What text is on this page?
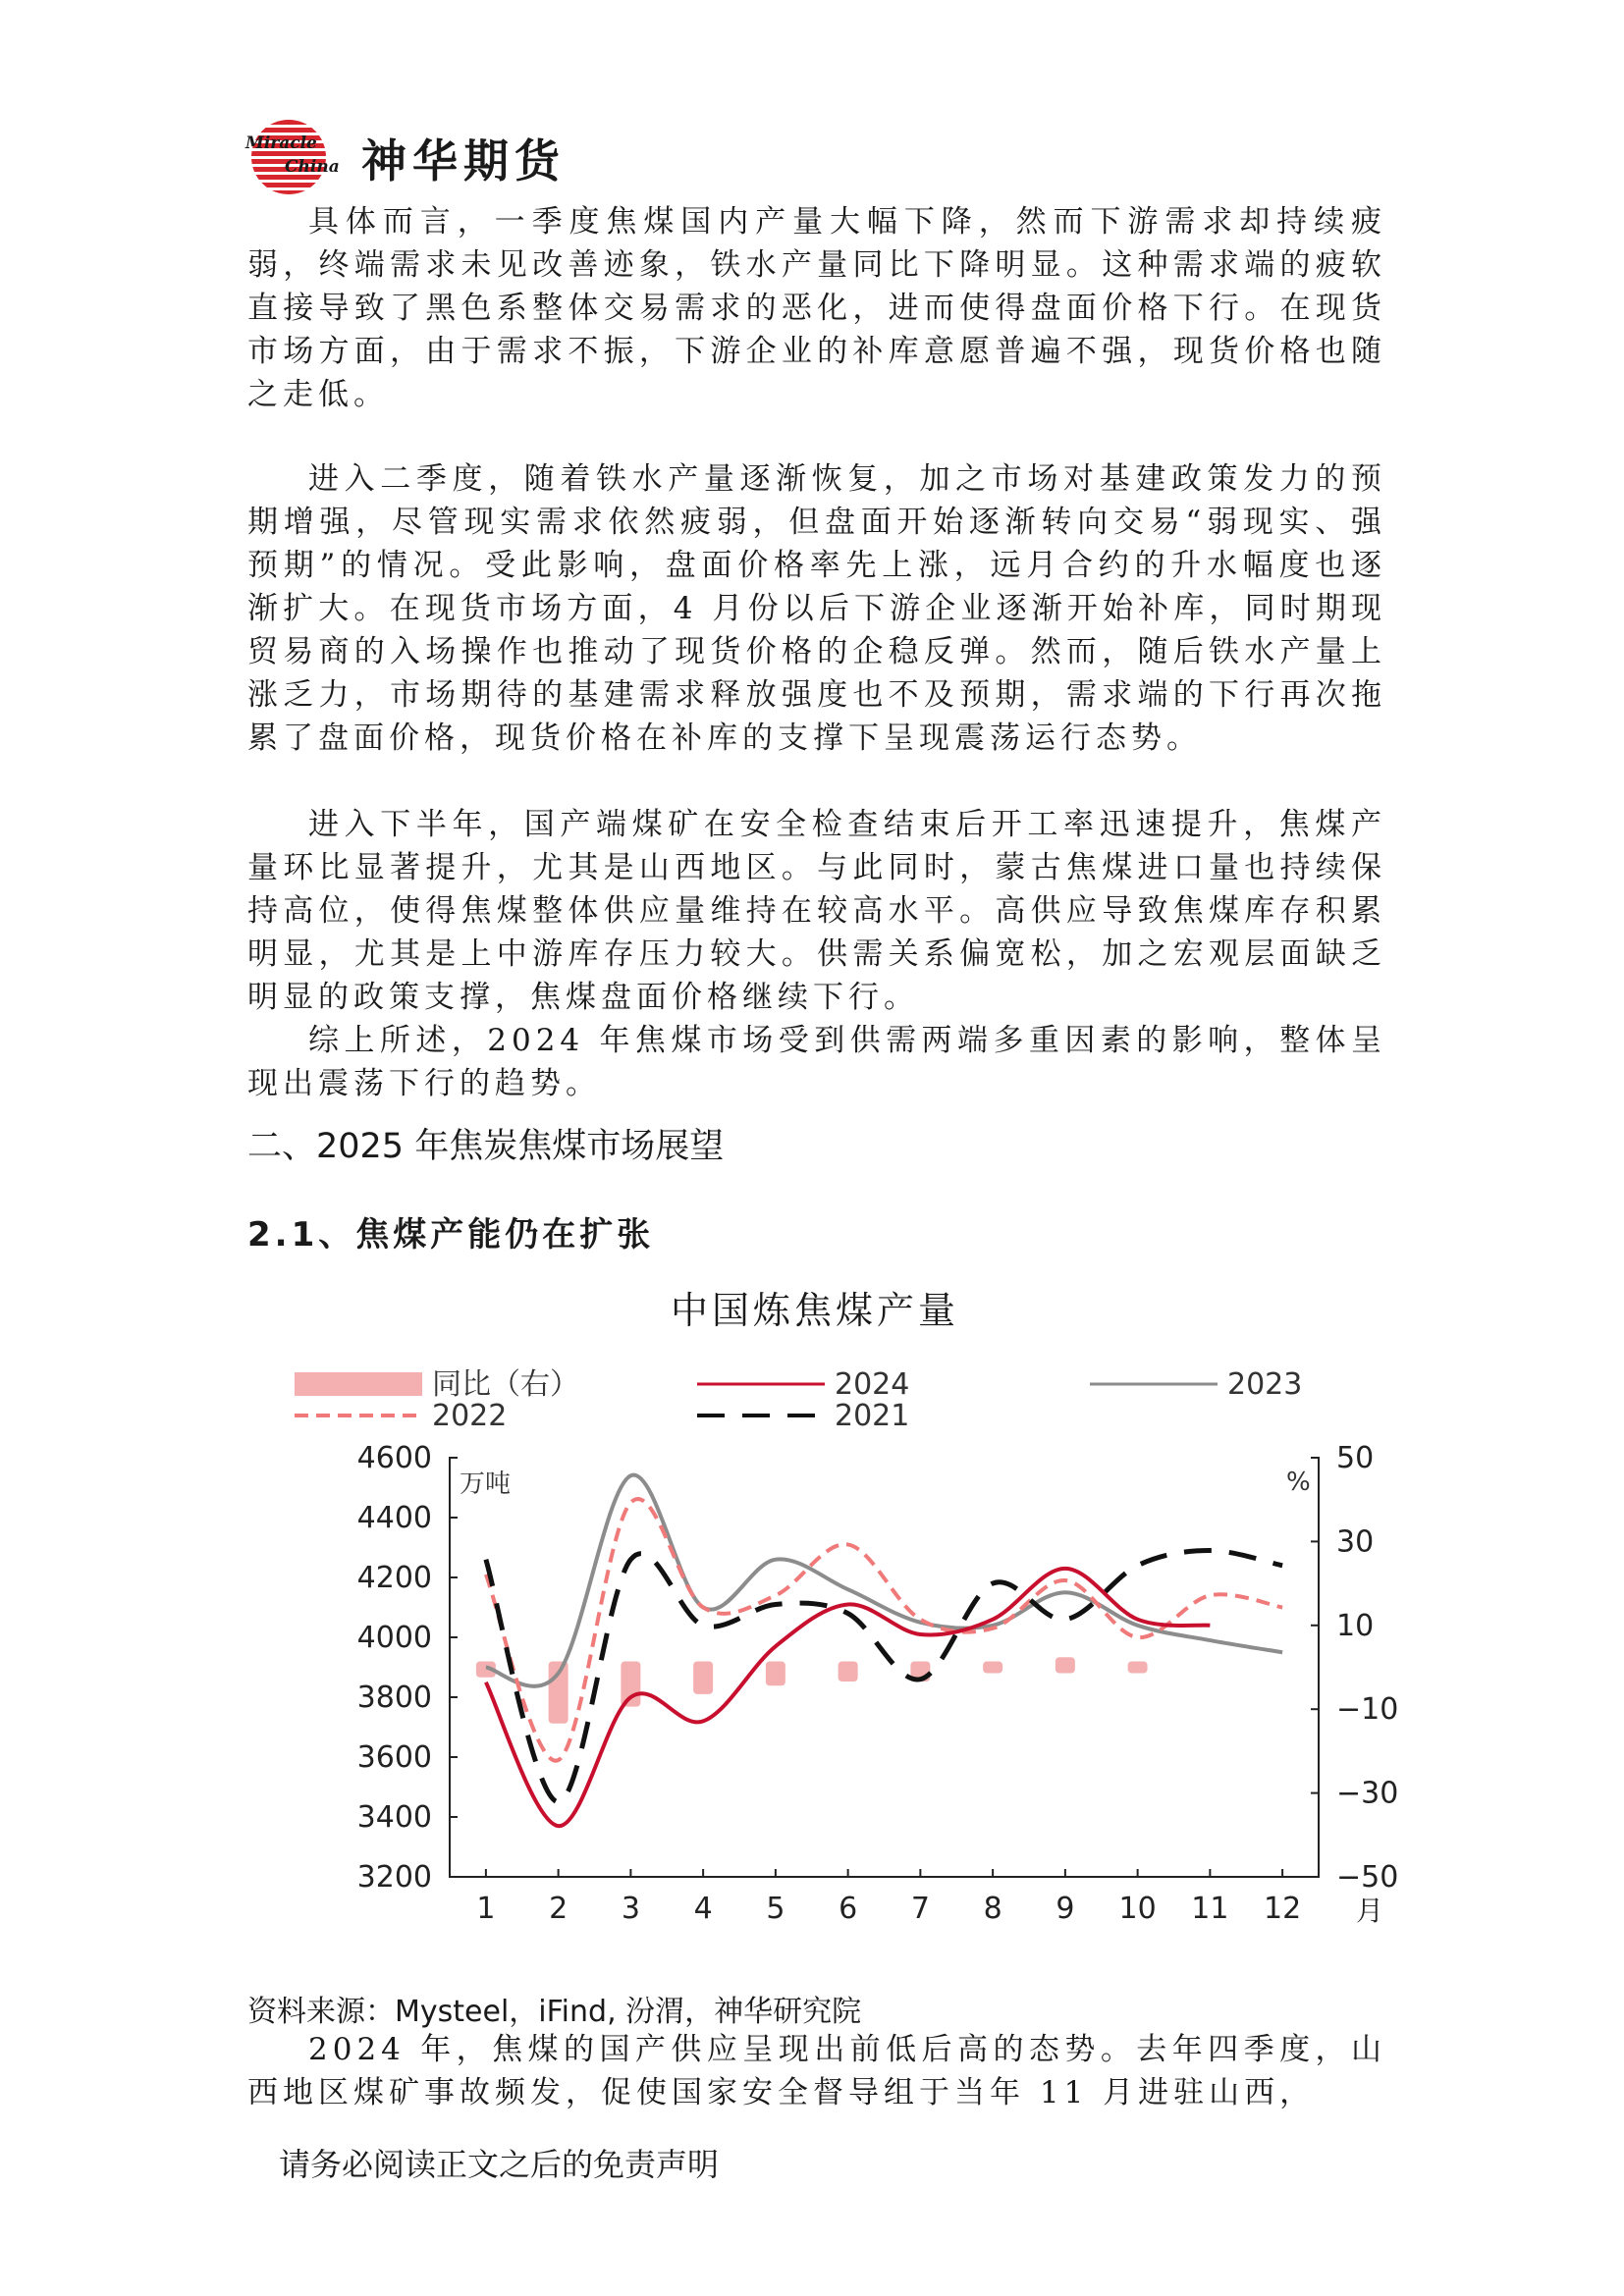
Miracle
China 神华期货

具体而言，一季度焦煤国内产量大幅下降，然而下游需求却持续疲弱，终端需求未见改善迹象，铁水产量同比下降明显。这种需求端的疲软直接导致了黑色系整体交易需求的恶化，进而使得盘面价格下行。在现货市场方面，由于需求不振，下游企业的补库意愿普遍不强，现货价格也随之走低。

进入二季度，随着铁水产量逐渐恢复，加之市场对基建政策发力的预期增强，尽管现实需求依然疲弱，但盘面开始逐渐转向交易“弱现实、强预期”的情况。受此影响，盘面价格率先上涨，远月合约的升水幅度也逐渐扩大。在现货市场方面，4 月份以后下游企业逐渐开始补库，同时期现贸易商的入场操作也推动了现货价格的企稳反弹。然而，随后铁水产量上涨乏力，市场期待的基建需求释放强度也不及预期，需求端的下行再次拖累了盘面价格，现货价格在补库的支撑下呈现震荡运行态势。

进入下半年，国产端煤矿在安全检查结束后开工率迅速提升，焦煤产量环比显著提升，尤其是山西地区。与此同时，蒙古焦煤进口量也持续保持高位，使得焦煤整体供应量维持在较高水平。高供应导致焦煤库存积累明显，尤其是上中游库存压力较大。供需关系偏宽松，加之宏观层面缺乏明显的政策支撑，焦煤盘面价格继续下行。

综上所述，2024 年焦煤市场受到供需两端多重因素的影响，整体呈现出震荡下行的趋势。

二、2025 年焦炭焦煤市场展望
2.1、焦煤产能仍在扩张
中国炼焦煤产量
同比（右）	2024	2023
2022	2021
4600
4400
4200
4000
3800
3600
3400
3200
50
30
10
−10
−30
−50
1 2 3 4 5 6 7 8 9 10 11 12 月
万吨	%

资料来源：Mysteel，iFind, 汾渭，神华研究院

2024 年，焦煤的国产供应呈现出前低后高的态势。去年四季度，山西地区煤矿事故频发，促使国家安全督导组于当年 11 月进驻山西，

请务必阅读正文之后的免责声明
